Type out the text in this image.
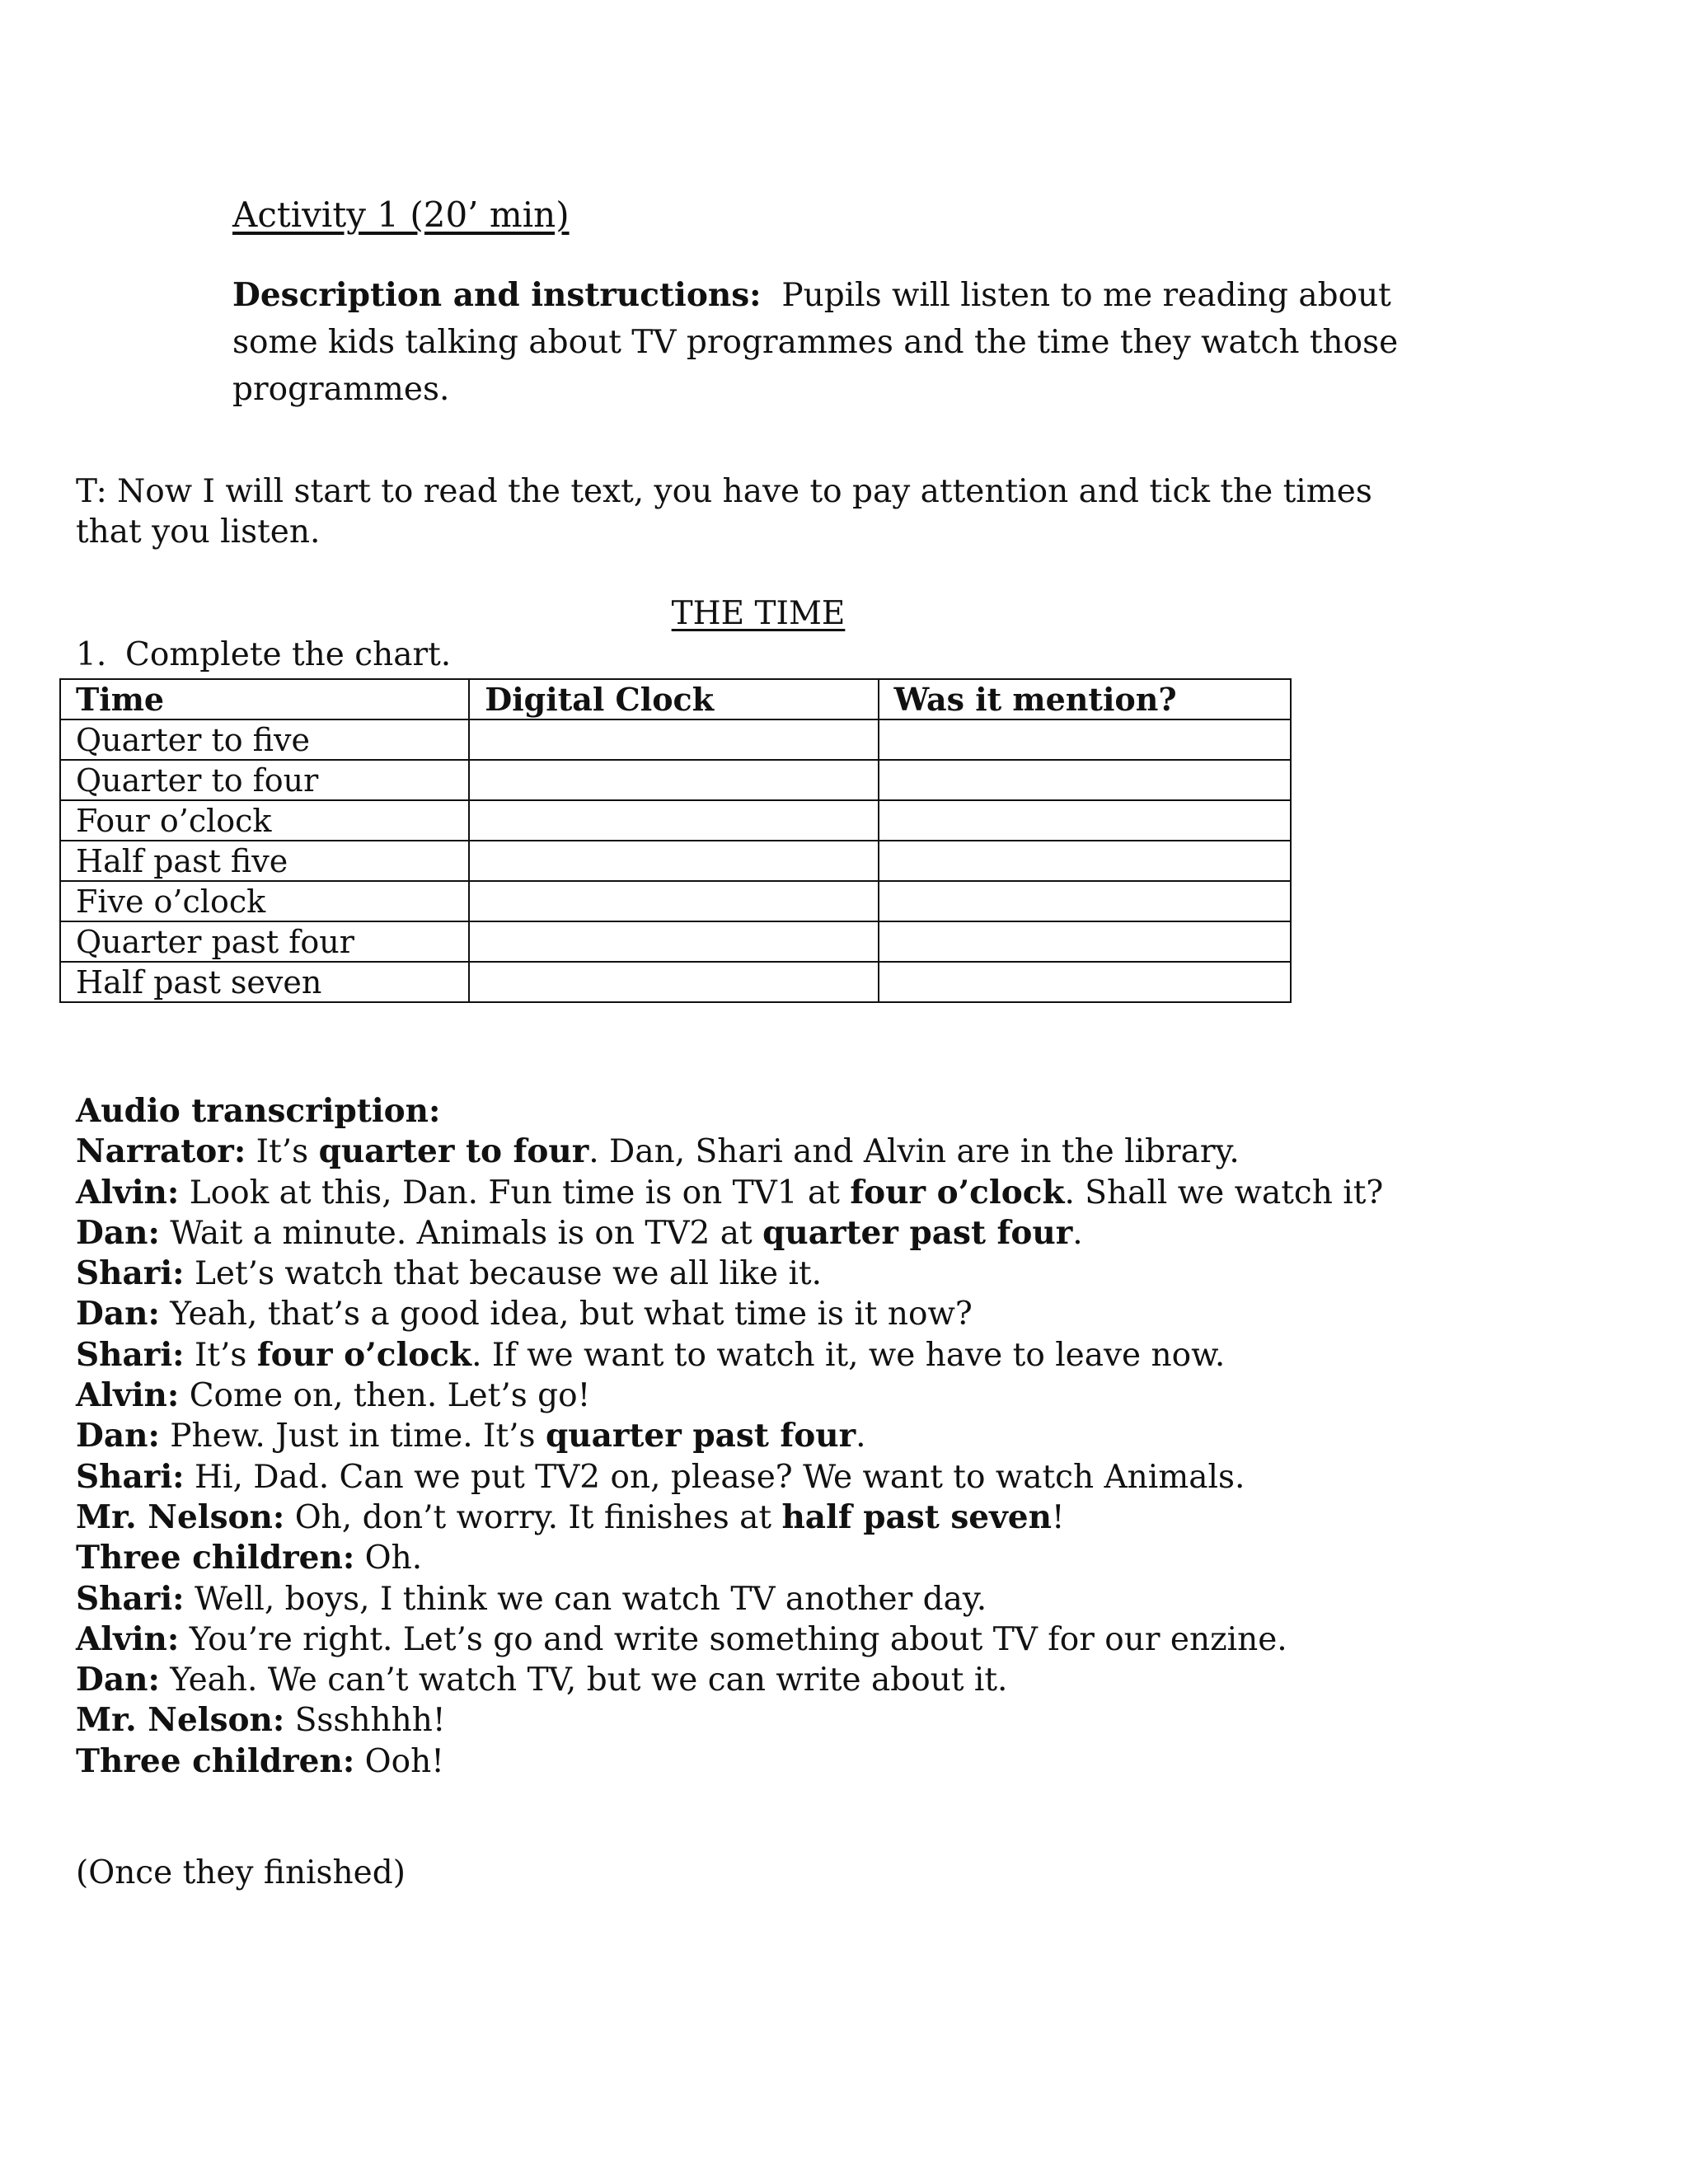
Activity 1 (20’ min)
Description and instructions: Pupils will listen to me reading about some kids talking about TV programmes and the time they watch those programmes.
T: Now I will start to read the text, you have to pay attention and tick the times that you listen.
THE TIME
1. Complete the chart.
Time	Digital Clock	Was it mention?
Quarter to five		
Quarter to four		
Four o’clock		
Half past five		
Five o’clock		
Quarter past four		
Half past seven		
Audio transcription:
Narrator: It’s quarter to four. Dan, Shari and Alvin are in the library.
Alvin: Look at this, Dan. Fun time is on TV1 at four o’clock. Shall we watch it?
Dan: Wait a minute. Animals is on TV2 at quarter past four.
Shari: Let’s watch that because we all like it.
Dan: Yeah, that’s a good idea, but what time is it now?
Shari: It’s four o’clock. If we want to watch it, we have to leave now.
Alvin: Come on, then. Let’s go!
Dan: Phew. Just in time. It’s quarter past four.
Shari: Hi, Dad. Can we put TV2 on, please? We want to watch Animals.
Mr. Nelson: Oh, don’t worry. It finishes at half past seven!
Three children: Oh.
Shari: Well, boys, I think we can watch TV another day.
Alvin: You’re right. Let’s go and write something about TV for our enzine.
Dan: Yeah. We can’t watch TV, but we can write about it.
Mr. Nelson: Ssshhhh!
Three children: Ooh!
(Once they finished)
